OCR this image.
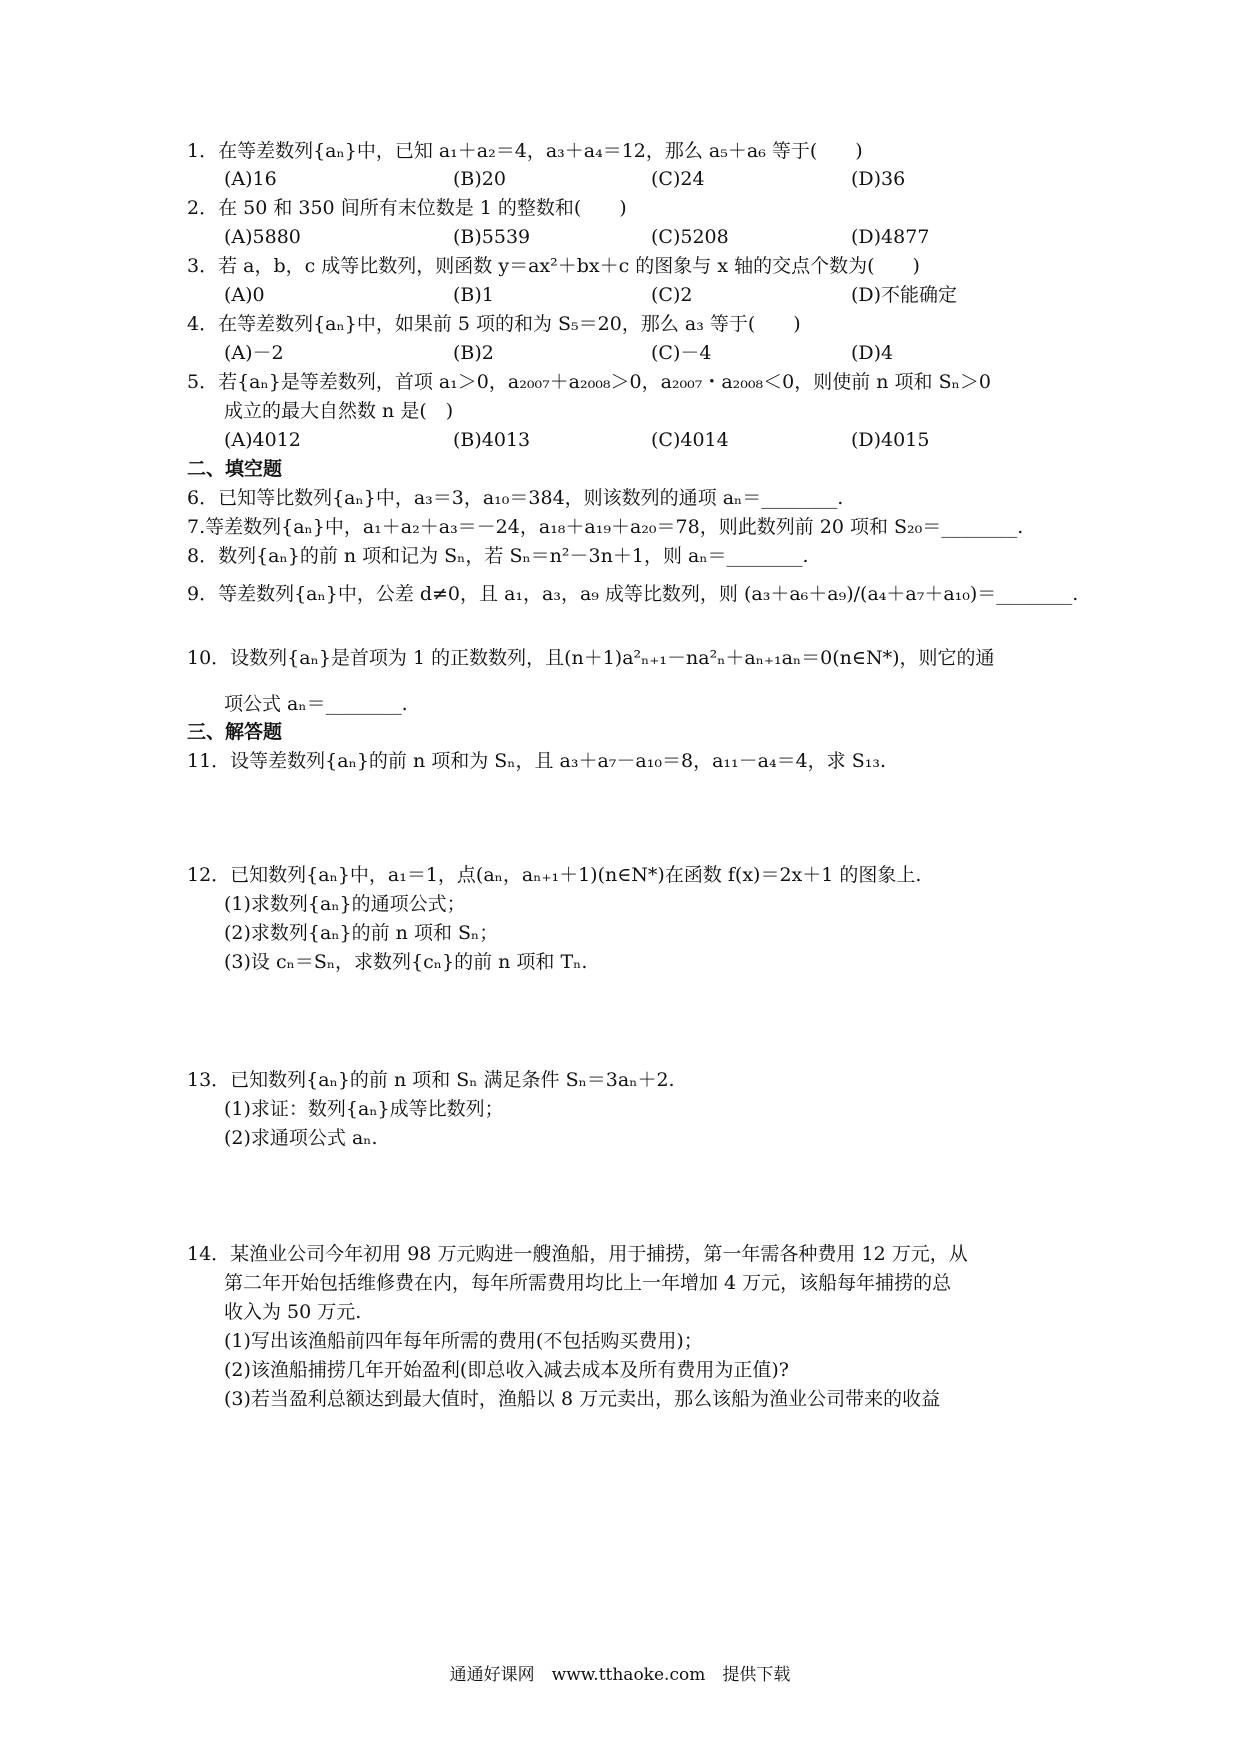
1．在等差数列{aₙ}中，已知 a₁＋a₂＝4，a₃＋a₄＝12，那么 a₅＋a₆ 等于(　　)
(A)16	(B)20	(C)24	(D)36
2．在 50 和 350 间所有末位数是 1 的整数和(　　)
(A)5880	(B)5539	(C)5208	(D)4877
3．若 a，b，c 成等比数列，则函数 y＝ax²＋bx＋c 的图象与 x 轴的交点个数为(　　)
(A)0	(B)1	(C)2	(D)不能确定
4．在等差数列{aₙ}中，如果前 5 项的和为 S₅＝20，那么 a₃ 等于(　　)
(A)－2	(B)2	(C)－4	(D)4
5．若{aₙ}是等差数列，首项 a₁＞0，a₂₀₀₇＋a₂₀₀₈＞0，a₂₀₀₇・a₂₀₀₈＜0，则使前 n 项和 Sₙ＞0
成立的最大自然数 n 是(　)
(A)4012	(B)4013	(C)4014	(D)4015
二、填空题
6．已知等比数列{aₙ}中，a₃＝3，a₁₀＝384，则该数列的通项 aₙ＝________.
7.等差数列{aₙ}中，a₁＋a₂＋a₃＝－24，a₁₈＋a₁₉＋a₂₀＝78，则此数列前 20 项和 S₂₀＝________.
8．数列{aₙ}的前 n 项和记为 Sₙ，若 Sₙ＝n²－3n＋1，则 aₙ＝________.
9．等差数列{aₙ}中，公差 d≠0，且 a₁，a₃，a₉ 成等比数列，则 (a₃＋a₆＋a₉)/(a₄＋a₇＋a₁₀)＝________.
10．设数列{aₙ}是首项为 1 的正数数列，且(n＋1)a²ₙ₊₁－na²ₙ＋aₙ₊₁aₙ＝0(n∈N*)，则它的通
项公式 aₙ＝________.
三、解答题
11．设等差数列{aₙ}的前 n 项和为 Sₙ，且 a₃＋a₇－a₁₀＝8，a₁₁－a₄＝4，求 S₁₃.
12．已知数列{aₙ}中，a₁＝1，点(aₙ，aₙ₊₁＋1)(n∈N*)在函数 f(x)＝2x＋1 的图象上.
(1)求数列{aₙ}的通项公式；
(2)求数列{aₙ}的前 n 项和 Sₙ；
(3)设 cₙ＝Sₙ，求数列{cₙ}的前 n 项和 Tₙ.
13．已知数列{aₙ}的前 n 项和 Sₙ 满足条件 Sₙ＝3aₙ＋2.
(1)求证：数列{aₙ}成等比数列；
(2)求通项公式 aₙ.
14．某渔业公司今年初用 98 万元购进一艘渔船，用于捕捞，第一年需各种费用 12 万元，从
第二年开始包括维修费在内，每年所需费用均比上一年增加 4 万元，该船每年捕捞的总
收入为 50 万元.
(1)写出该渔船前四年每年所需的费用(不包括购买费用)；
(2)该渔船捕捞几年开始盈利(即总收入减去成本及所有费用为正值)?
(3)若当盈利总额达到最大值时，渔船以 8 万元卖出，那么该船为渔业公司带来的收益
通通好课网　www.tthaoke.com　提供下载
